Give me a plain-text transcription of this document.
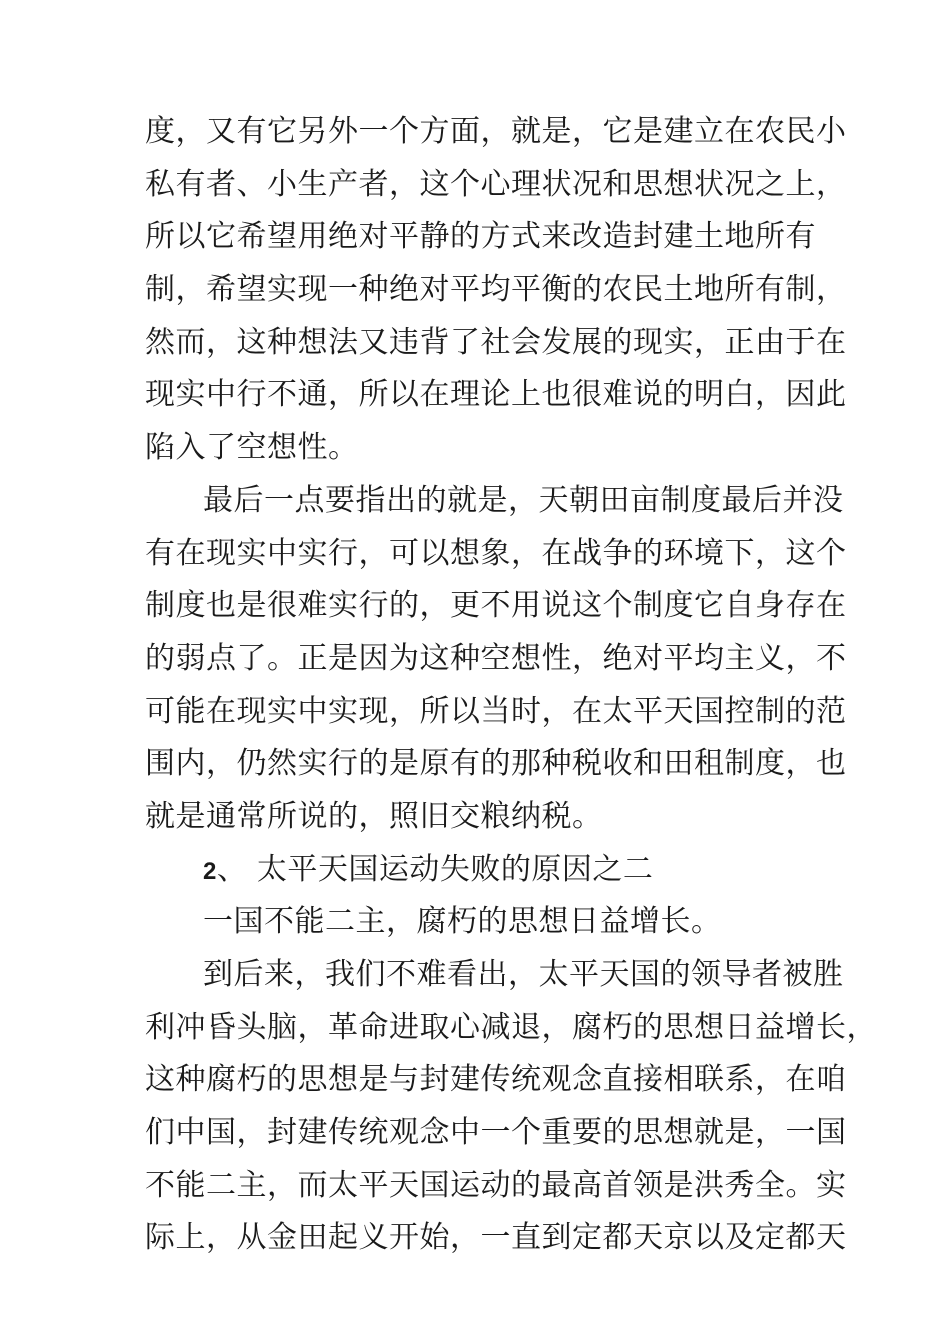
度，又有它另外一个方面，就是，它是建立在农民小
私有者、小生产者，这个心理状况和思想状况之上，
所以它希望用绝对平静的方式来改造封建土地所有
制，希望实现一种绝对平均平衡的农民土地所有制，
然而，这种想法又违背了社会发展的现实，正由于在
现实中行不通，所以在理论上也很难说的明白，因此
陷入了空想性。
最后一点要指出的就是，天朝田亩制度最后并没
有在现实中实行，可以想象，在战争的环境下，这个
制度也是很难实行的，更不用说这个制度它自身存在
的弱点了。正是因为这种空想性，绝对平均主义，不
可能在现实中实现，所以当时，在太平天国控制的范
围内，仍然实行的是原有的那种税收和田租制度，也
就是通常所说的，照旧交粮纳税。
2、 太平天国运动失败的原因之二
一国不能二主，腐朽的思想日益增长。
到后来，我们不难看出，太平天国的领导者被胜
利冲昏头脑，革命进取心减退，腐朽的思想日益增长，
这种腐朽的思想是与封建传统观念直接相联系，在咱
们中国，封建传统观念中一个重要的思想就是，一国
不能二主，而太平天国运动的最高首领是洪秀全。实
际上，从金田起义开始，一直到定都天京以及定都天
